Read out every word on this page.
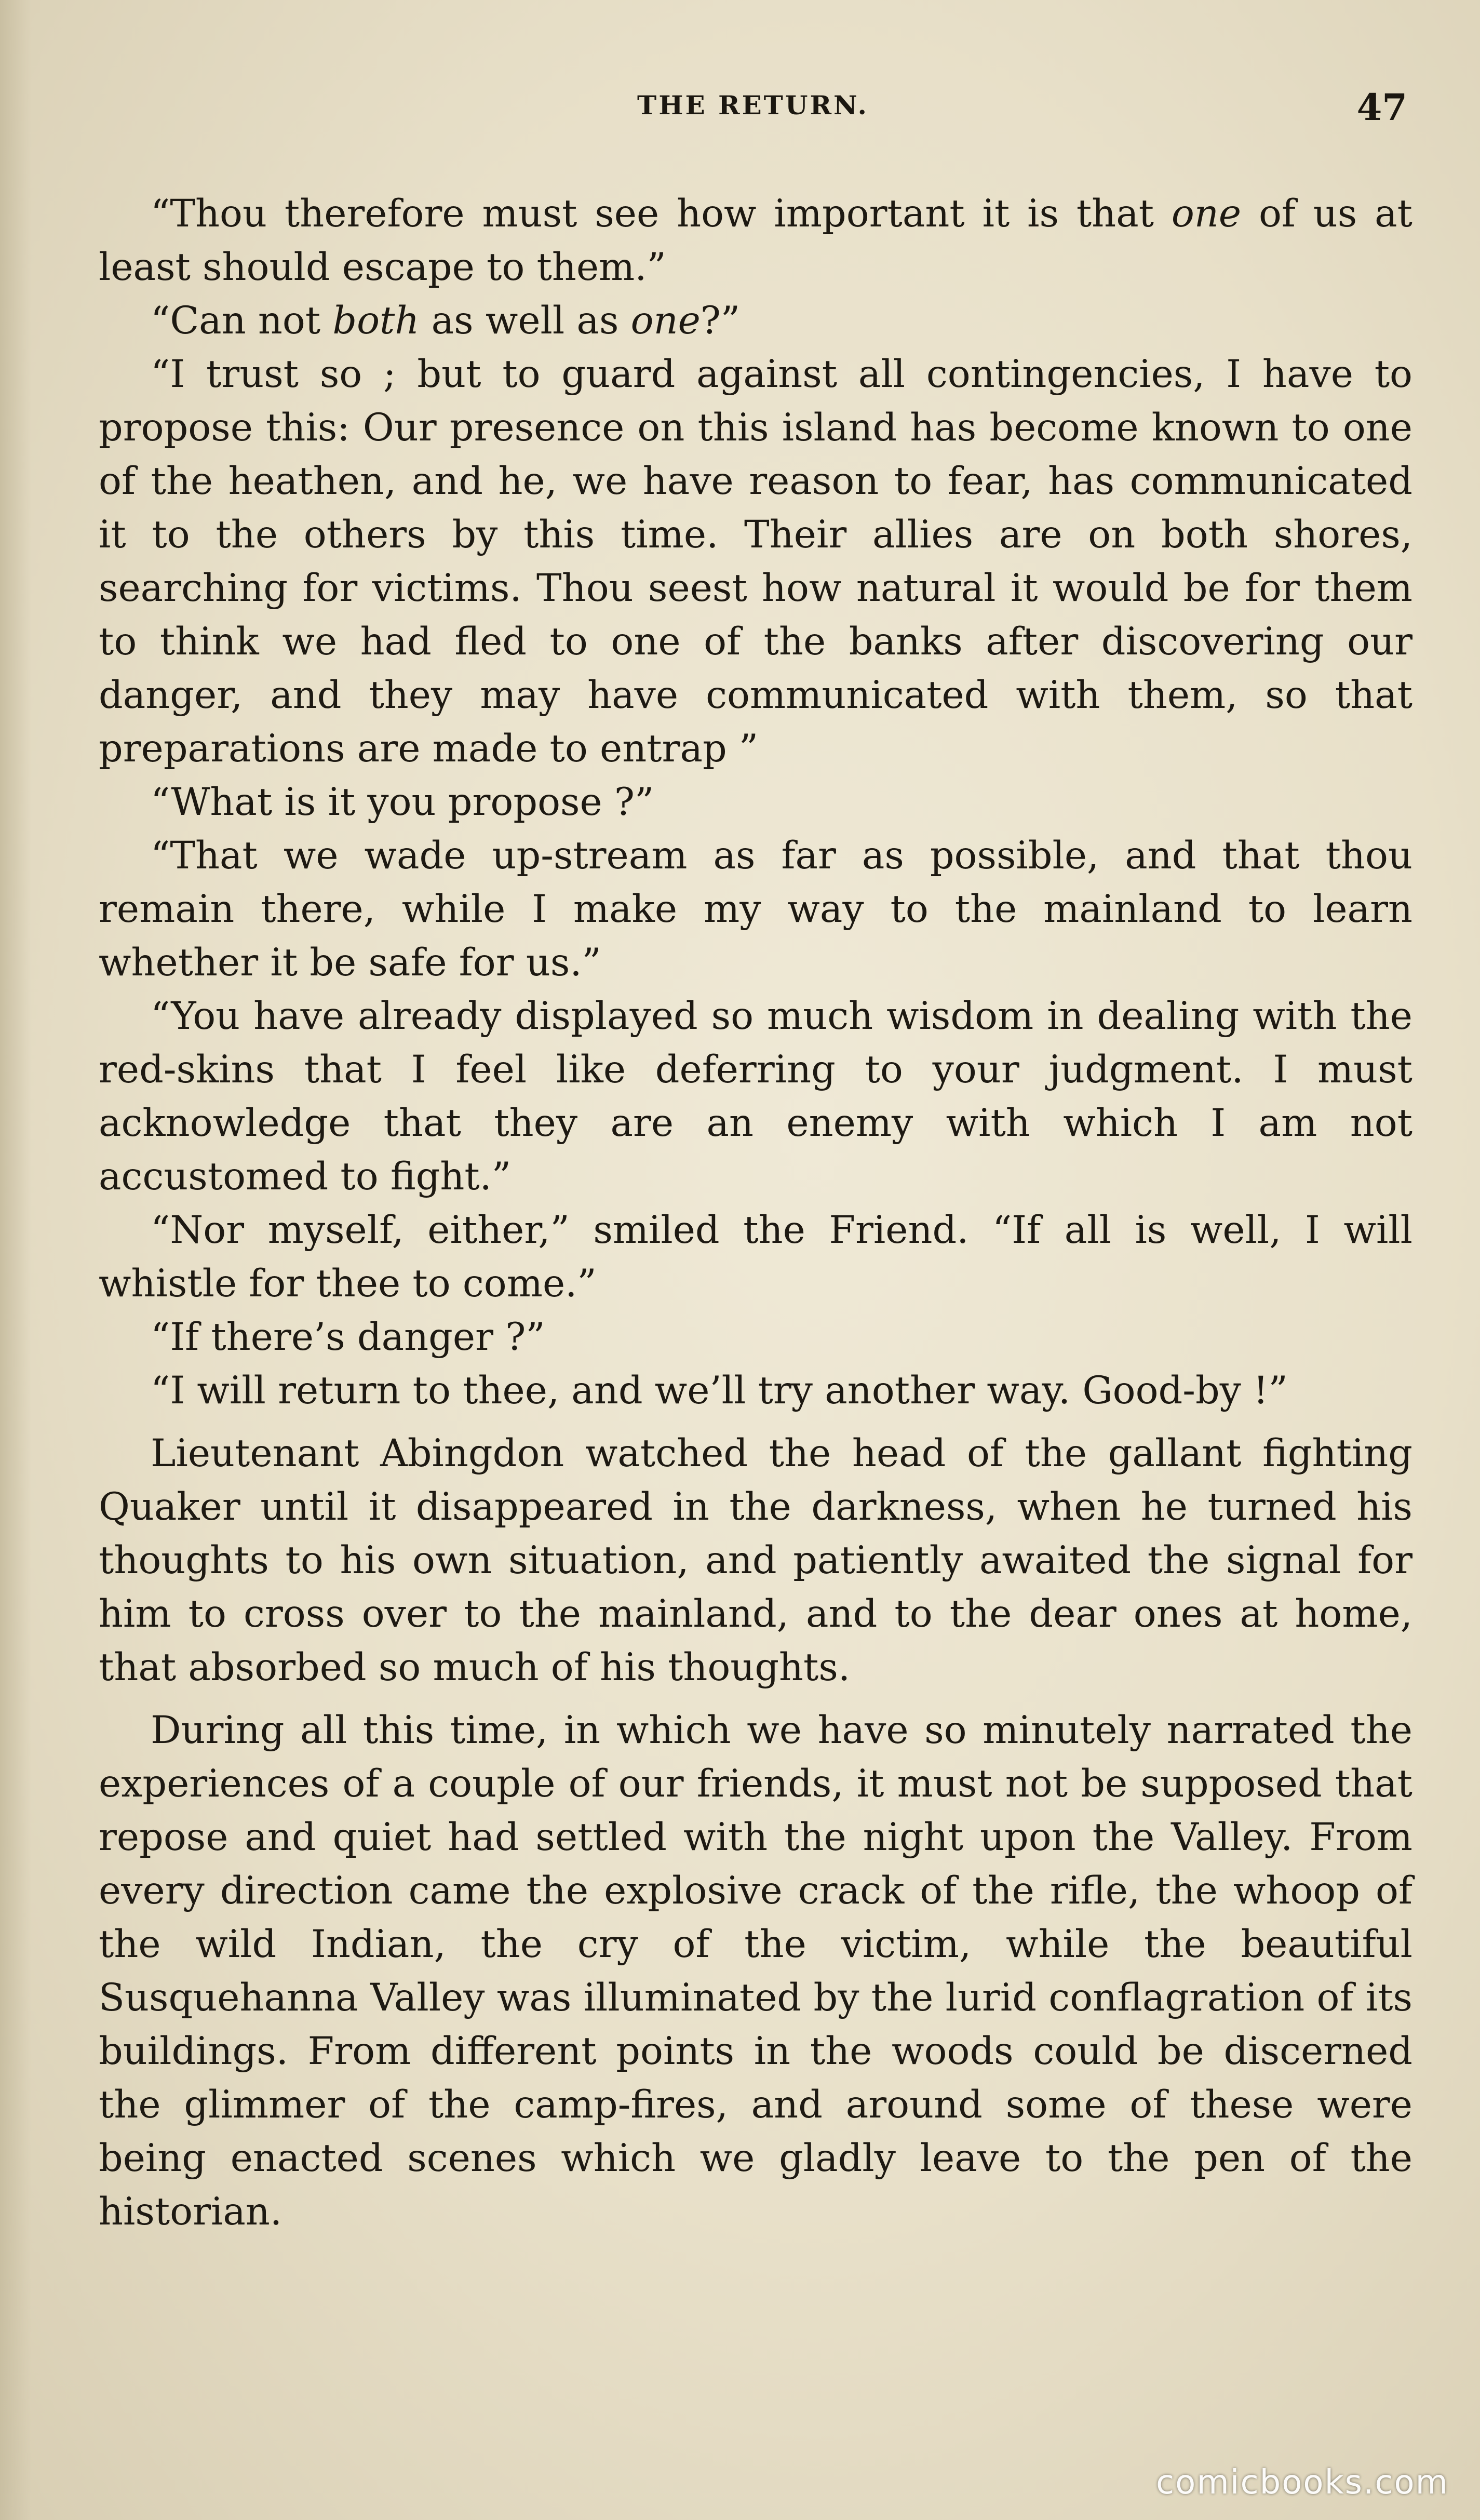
THE RETURN.	47

“Thou therefore must see how important it is that one of us at least should escape to them.”

“Can not both as well as one?”

“I trust so ; but to guard against all contingencies, I have to propose this: Our presence on this island has become known to one of the heathen, and he, we have reason to fear, has communicated it to the others by this time. Their allies are on both shores, searching for victims. Thou seest how natural it would be for them to think we had fled to one of the banks after discovering our danger, and they may have communicated with them, so that preparations are made to entrap ”

“What is it you propose ?”

“That we wade up-stream as far as possible, and that thou remain there, while I make my way to the mainland to learn whether it be safe for us.”

“You have already displayed so much wisdom in dealing with the red-skins that I feel like deferring to your judgment. I must acknowledge that they are an enemy with which I am not accustomed to fight.”

“Nor myself, either,” smiled the Friend. “If all is well, I will whistle for thee to come.”

“If there’s danger ?”

“I will return to thee, and we’ll try another way. Good-by !”

Lieutenant Abingdon watched the head of the gallant fighting Quaker until it disappeared in the darkness, when he turned his thoughts to his own situation, and patiently awaited the signal for him to cross over to the mainland, and to the dear ones at home, that absorbed so much of his thoughts.

During all this time, in which we have so minutely narrated the experiences of a couple of our friends, it must not be supposed that repose and quiet had settled with the night upon the Valley. From every direction came the explosive crack of the rifle, the whoop of the wild Indian, the cry of the victim, while the beautiful Susquehanna Valley was illuminated by the lurid conflagration of its buildings. From different points in the woods could be discerned the glimmer of the camp-fires, and around some of these were being enacted scenes which we gladly leave to the pen of the historian.

comicbooks.com
